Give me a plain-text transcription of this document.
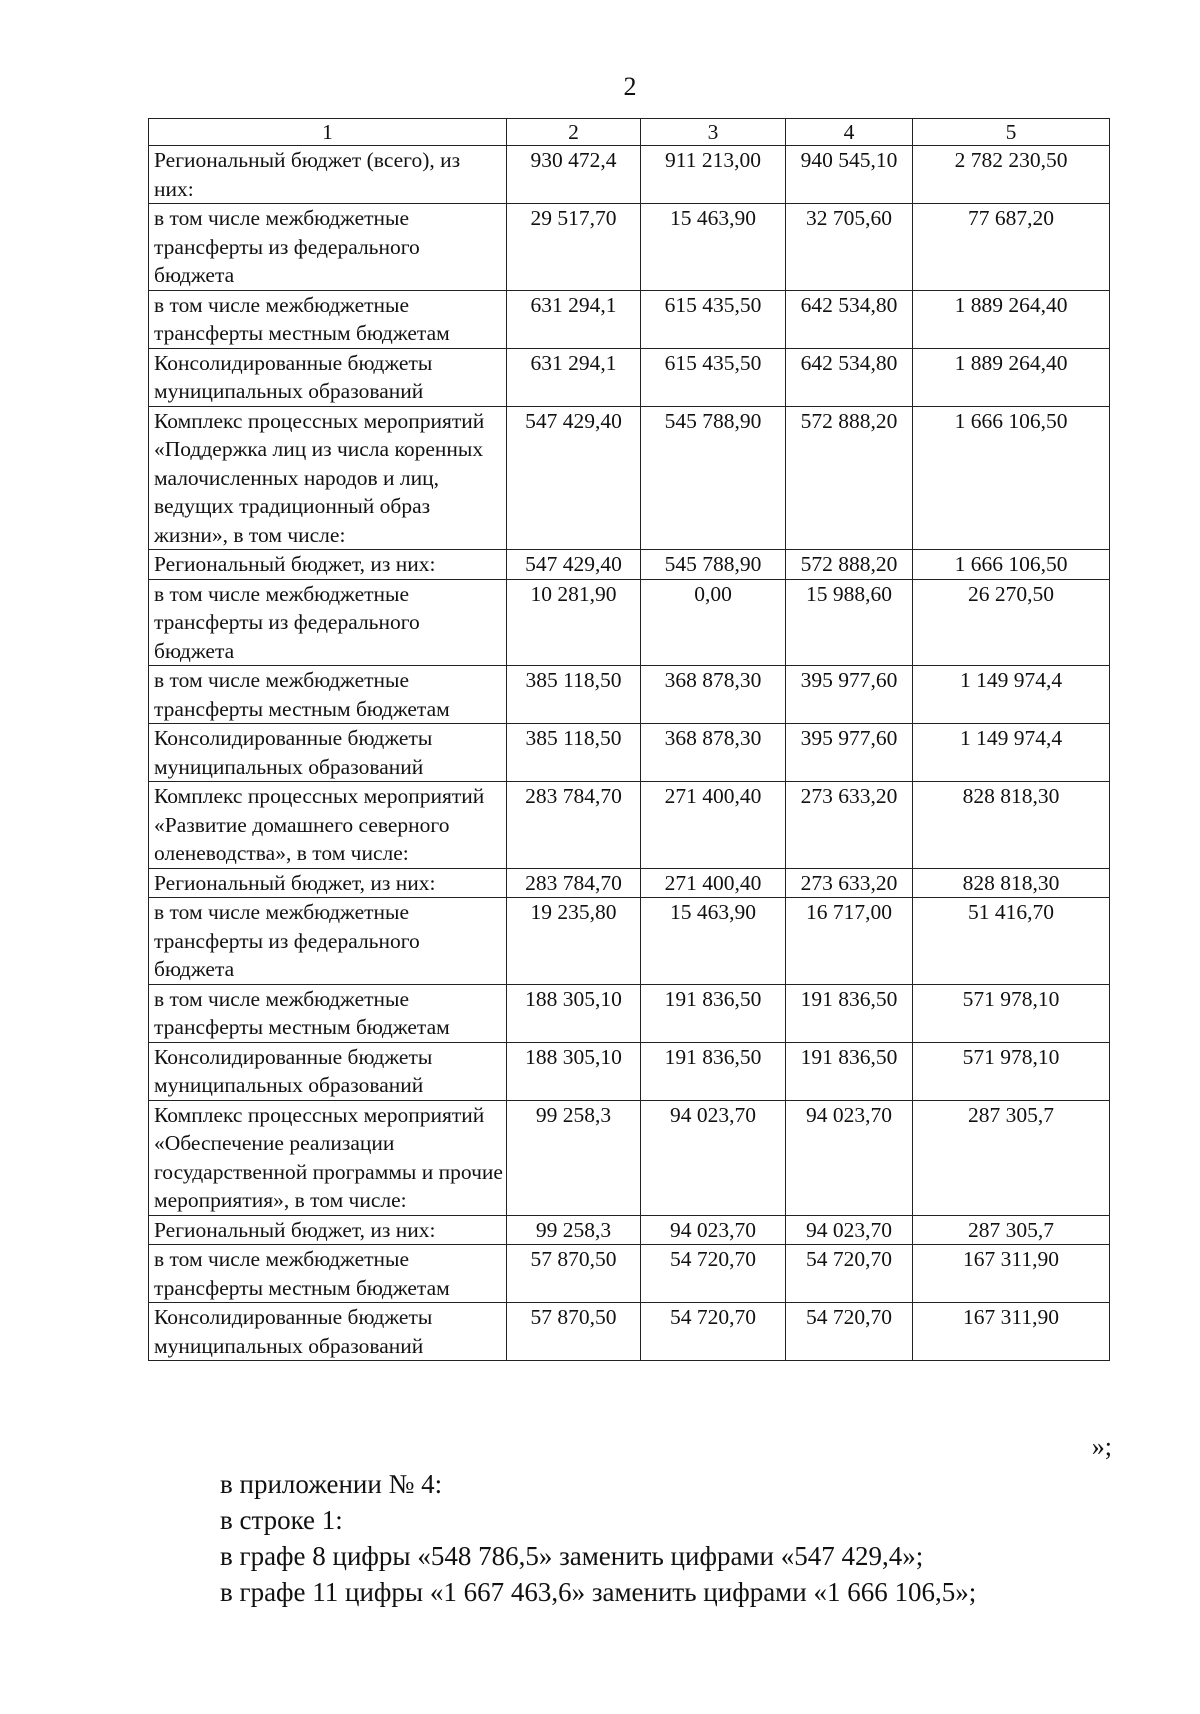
2
1	2	3	4	5
Региональный бюджет (всего), из них:	930 472,4	911 213,00	940 545,10	2 782 230,50
в том числе межбюджетные трансферты из федерального бюджета	29 517,70	15 463,90	32 705,60	77 687,20
в том числе межбюджетные трансферты местным бюджетам	631 294,1	615 435,50	642 534,80	1 889 264,40
Консолидированные бюджеты муниципальных образований	631 294,1	615 435,50	642 534,80	1 889 264,40
Комплекс процессных мероприятий «Поддержка лиц из числа коренных малочисленных народов и лиц, ведущих традиционный образ жизни», в том числе:	547 429,40	545 788,90	572 888,20	1 666 106,50
Региональный бюджет, из них:	547 429,40	545 788,90	572 888,20	1 666 106,50
в том числе межбюджетные трансферты из федерального бюджета	10 281,90	0,00	15 988,60	26 270,50
в том числе межбюджетные трансферты местным бюджетам	385 118,50	368 878,30	395 977,60	1 149 974,4
Консолидированные бюджеты муниципальных образований	385 118,50	368 878,30	395 977,60	1 149 974,4
Комплекс процессных мероприятий «Развитие домашнего северного оленеводства», в том числе:	283 784,70	271 400,40	273 633,20	828 818,30
Региональный бюджет, из них:	283 784,70	271 400,40	273 633,20	828 818,30
в том числе межбюджетные трансферты из федерального бюджета	19 235,80	15 463,90	16 717,00	51 416,70
в том числе межбюджетные трансферты местным бюджетам	188 305,10	191 836,50	191 836,50	571 978,10
Консолидированные бюджеты муниципальных образований	188 305,10	191 836,50	191 836,50	571 978,10
Комплекс процессных мероприятий «Обеспечение реализации государственной программы и прочие мероприятия», в том числе:	99 258,3	94 023,70	94 023,70	287 305,7
Региональный бюджет, из них:	99 258,3	94 023,70	94 023,70	287 305,7
в том числе межбюджетные трансферты местным бюджетам	57 870,50	54 720,70	54 720,70	167 311,90
Консолидированные бюджеты муниципальных образований	57 870,50	54 720,70	54 720,70	167 311,90
»;

в приложении № 4:

в строке 1:

в графе 8 цифры «548 786,5» заменить цифрами «547 429,4»;

в графе 11 цифры «1 667 463,6» заменить цифрами «1 666 106,5»;
